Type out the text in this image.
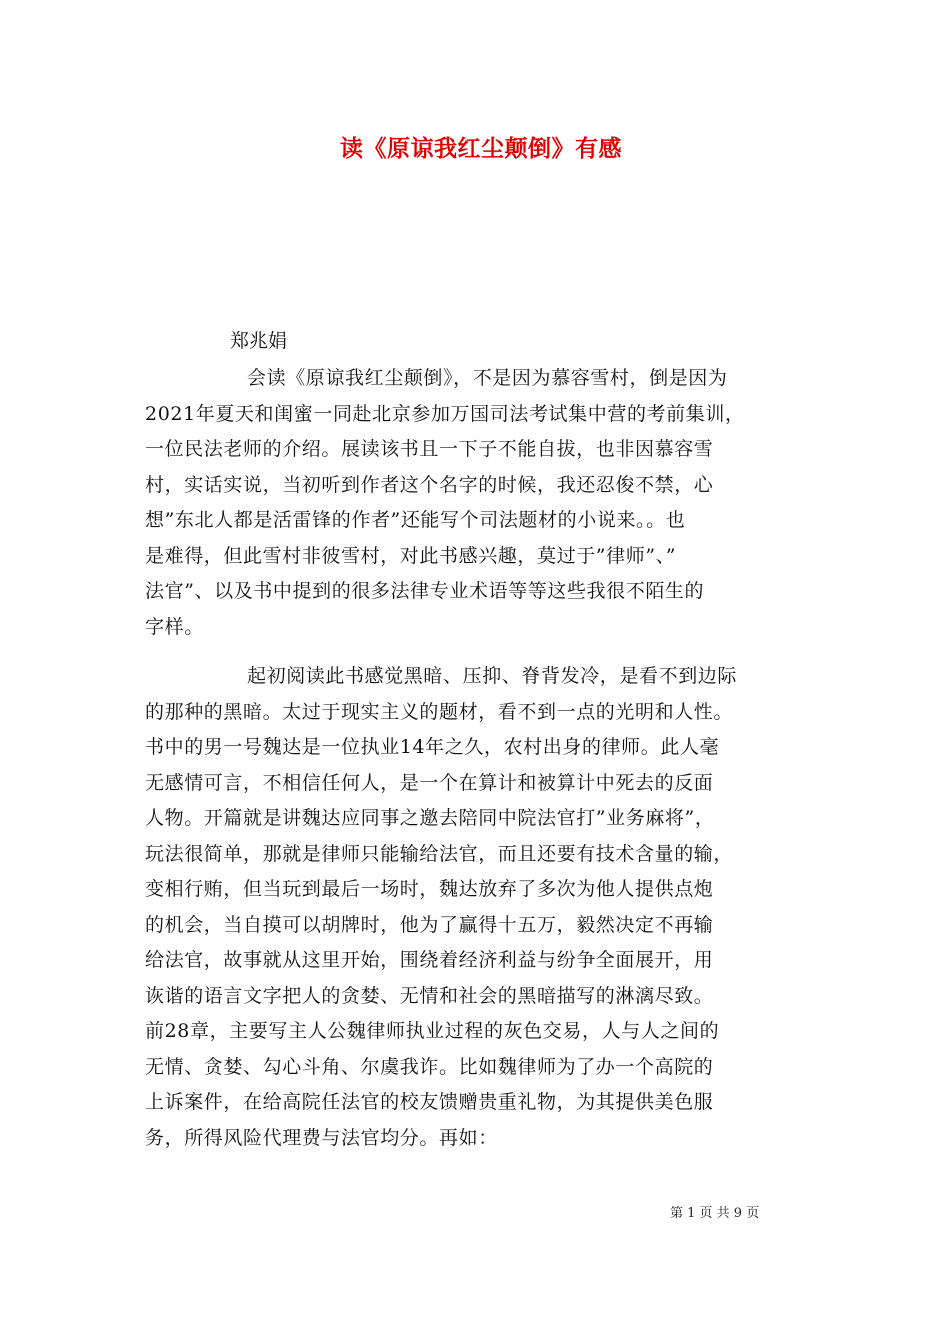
读《原谅我红尘颠倒》有感
郑兆娟
会读《原谅我红尘颠倒》，不是因为慕容雪村，倒是因为
2021年夏天和闺蜜一同赴北京参加万国司法考试集中营的考前集训，
一位民法老师的介绍。展读该书且一下子不能自拔，也非因慕容雪
村，实话实说，当初听到作者这个名字的时候，我还忍俊不禁，心
想”东北人都是活雷锋的作者”还能写个司法题材的小说来。。也
是难得，但此雪村非彼雪村，对此书感兴趣，莫过于”律师”、”
法官”、以及书中提到的很多法律专业术语等等这些我很不陌生的
字样。
起初阅读此书感觉黑暗、压抑、脊背发冷，是看不到边际
的那种的黑暗。太过于现实主义的题材，看不到一点的光明和人性。
书中的男一号魏达是一位执业14年之久，农村出身的律师。此人毫
无感情可言，不相信任何人，是一个在算计和被算计中死去的反面
人物。开篇就是讲魏达应同事之邀去陪同中院法官打”业务麻将”，
玩法很简单，那就是律师只能输给法官，而且还要有技术含量的输，
变相行贿，但当玩到最后一场时，魏达放弃了多次为他人提供点炮
的机会，当自摸可以胡牌时，他为了赢得十五万，毅然决定不再输
给法官，故事就从这里开始，围绕着经济利益与纷争全面展开，用
诙谐的语言文字把人的贪婪、无情和社会的黑暗描写的淋漓尽致。
前28章，主要写主人公魏律师执业过程的灰色交易，人与人之间的
无情、贪婪、勾心斗角、尔虞我诈。比如魏律师为了办一个高院的
上诉案件，在给高院任法官的校友馈赠贵重礼物，为其提供美色服
务，所得风险代理费与法官均分。再如：
第 1 页 共 9 页
